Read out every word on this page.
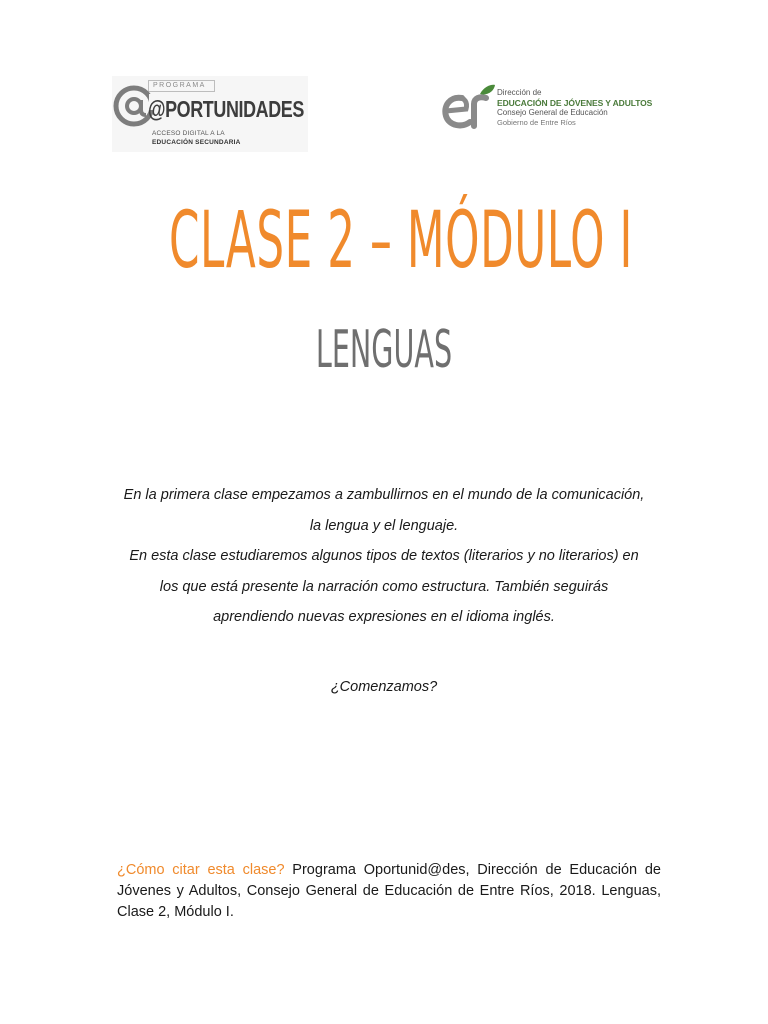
PROGRAMA
@PORTUNIDADES
ACCESO DIGITAL A LA
EDUCACIÓN SECUNDARIA
Dirección de
EDUCACIÓN DE JÓVENES Y ADULTOS
Consejo General de Educación
Gobierno de Entre Ríos
CLASE 2 – MÓDULO I
LENGUAS
En la primera clase empezamos a zambullirnos en el mundo de la comunicación,
la lengua y el lenguaje.
En esta clase estudiaremos algunos tipos de textos (literarios y no literarios) en
los que está presente la narración como estructura. También seguirás
aprendiendo nuevas expresiones en el idioma inglés.
¿Comenzamos?
¿Cómo citar esta clase? Programa Oportunid@des, Dirección de Educación de Jóvenes y Adultos, Consejo General de Educación de Entre Ríos, 2018. Lenguas, Clase 2, Módulo I.
